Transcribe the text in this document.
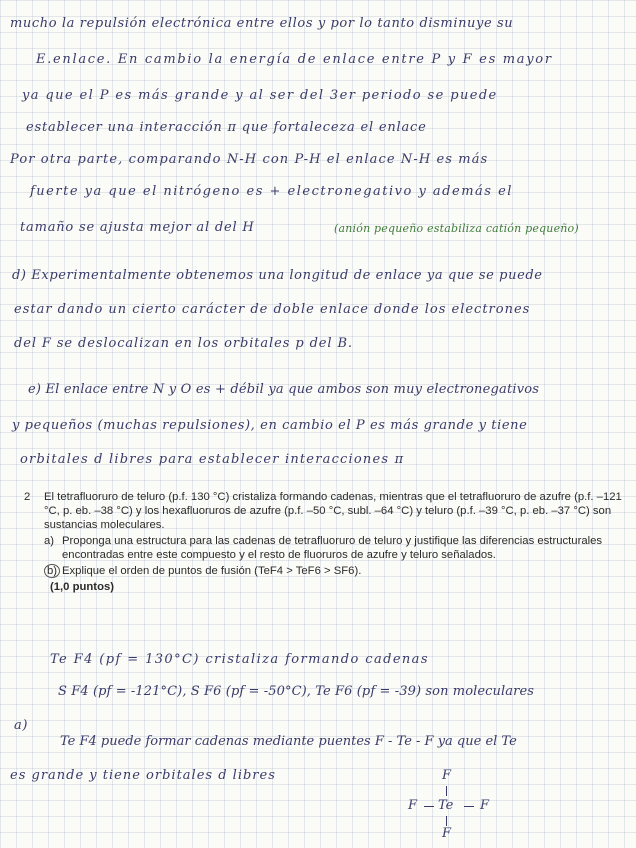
mucho la repulsión electrónica entre ellos y por lo tanto disminuye su
E.enlace. En cambio la energía de enlace entre P y F es mayor
ya que el P es más grande y al ser del 3er periodo se puede
establecer una interacción π que fortaleceza el enlace
Por otra parte, comparando N-H con P-H el enlace N-H es más
fuerte ya que el nitrógeno es + electronegativo y además el
tamaño se ajusta mejor al del H	(anión pequeño estabiliza catión pequeño)
d) Experimentalmente obtenemos una longitud de enlace ya que se puede
estar dando un cierto carácter de doble enlace donde los electrones
del F se deslocalizan en los orbitales p del B.
e) El enlace entre N y O es + débil ya que ambos son muy electronegativos
y pequeños (muchas repulsiones), en cambio el P es más grande y tiene
orbitales d libres para establecer interacciones π
2	El tetrafluoruro de teluro (p.f. 130 °C) cristaliza formando cadenas, mientras que el tetrafluoruro de azufre (p.f. –121 °C, p. eb. –38 °C) y los hexafluoruros de azufre (p.f. –50 °C, subl. –64 °C) y teluro (p.f. –39 °C, p. eb. –37 °C) son sustancias moleculares.
a) Proponga una estructura para las cadenas de tetrafluoruro de teluro y justifique las diferencias estructurales encontradas entre este compuesto y el resto de fluoruros de azufre y teluro señalados.
b) Explique el orden de puntos de fusión (TeF4 > TeF6 > SF6).
(1,0 puntos)
Te F4 (pf = 130°C) cristaliza formando cadenas
S F4 (pf = -121°C), S F6 (pf = -50°C), Te F6 (pf = -39) son moleculares
a)
Te F4 puede formar cadenas mediante puentes F - Te - F ya que el Te
es grande y tiene orbitales d libres	F
F Te F
F
